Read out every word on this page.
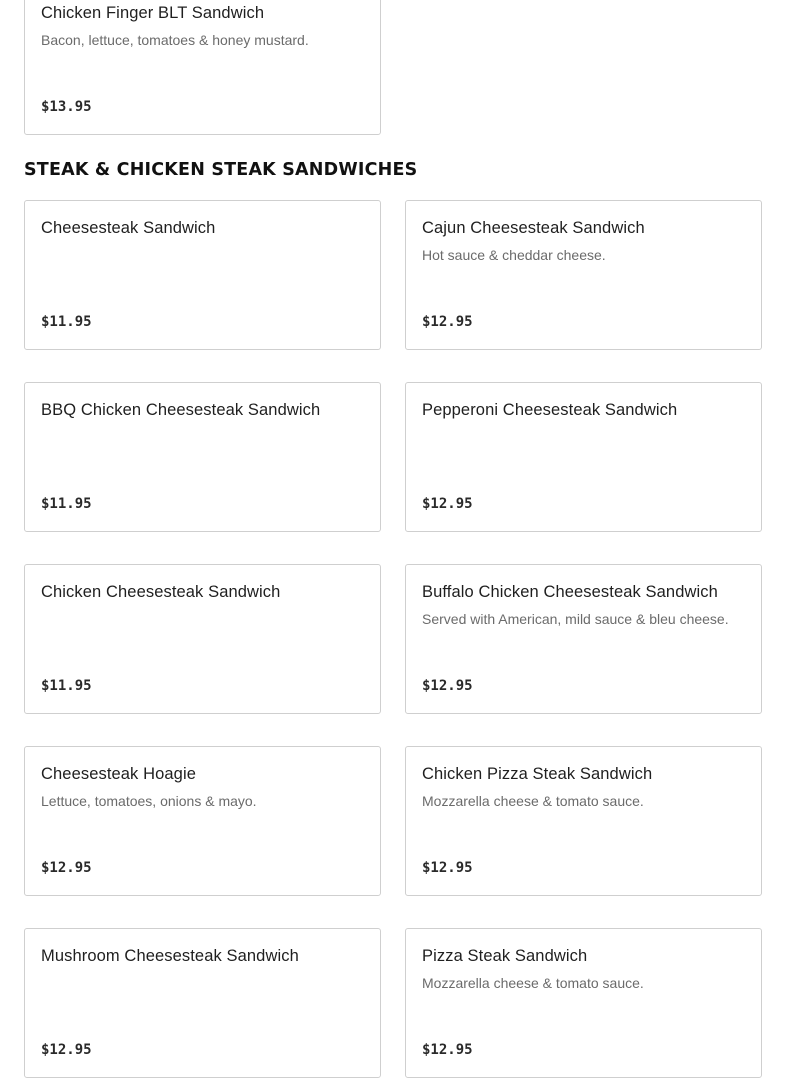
Chicken Finger BLT Sandwich
Bacon, lettuce, tomatoes & honey mustard.
$13.95
STEAK & CHICKEN STEAK SANDWICHES
Cheesesteak Sandwich
$11.95
Cajun Cheesesteak Sandwich
Hot sauce & cheddar cheese.
$12.95
BBQ Chicken Cheesesteak Sandwich
$11.95
Pepperoni Cheesesteak Sandwich
$12.95
Chicken Cheesesteak Sandwich
$11.95
Buffalo Chicken Cheesesteak Sandwich
Served with American, mild sauce & bleu cheese.
$12.95
Cheesesteak Hoagie
Lettuce, tomatoes, onions & mayo.
$12.95
Chicken Pizza Steak Sandwich
Mozzarella cheese & tomato sauce.
$12.95
Mushroom Cheesesteak Sandwich
$12.95
Pizza Steak Sandwich
Mozzarella cheese & tomato sauce.
$12.95
